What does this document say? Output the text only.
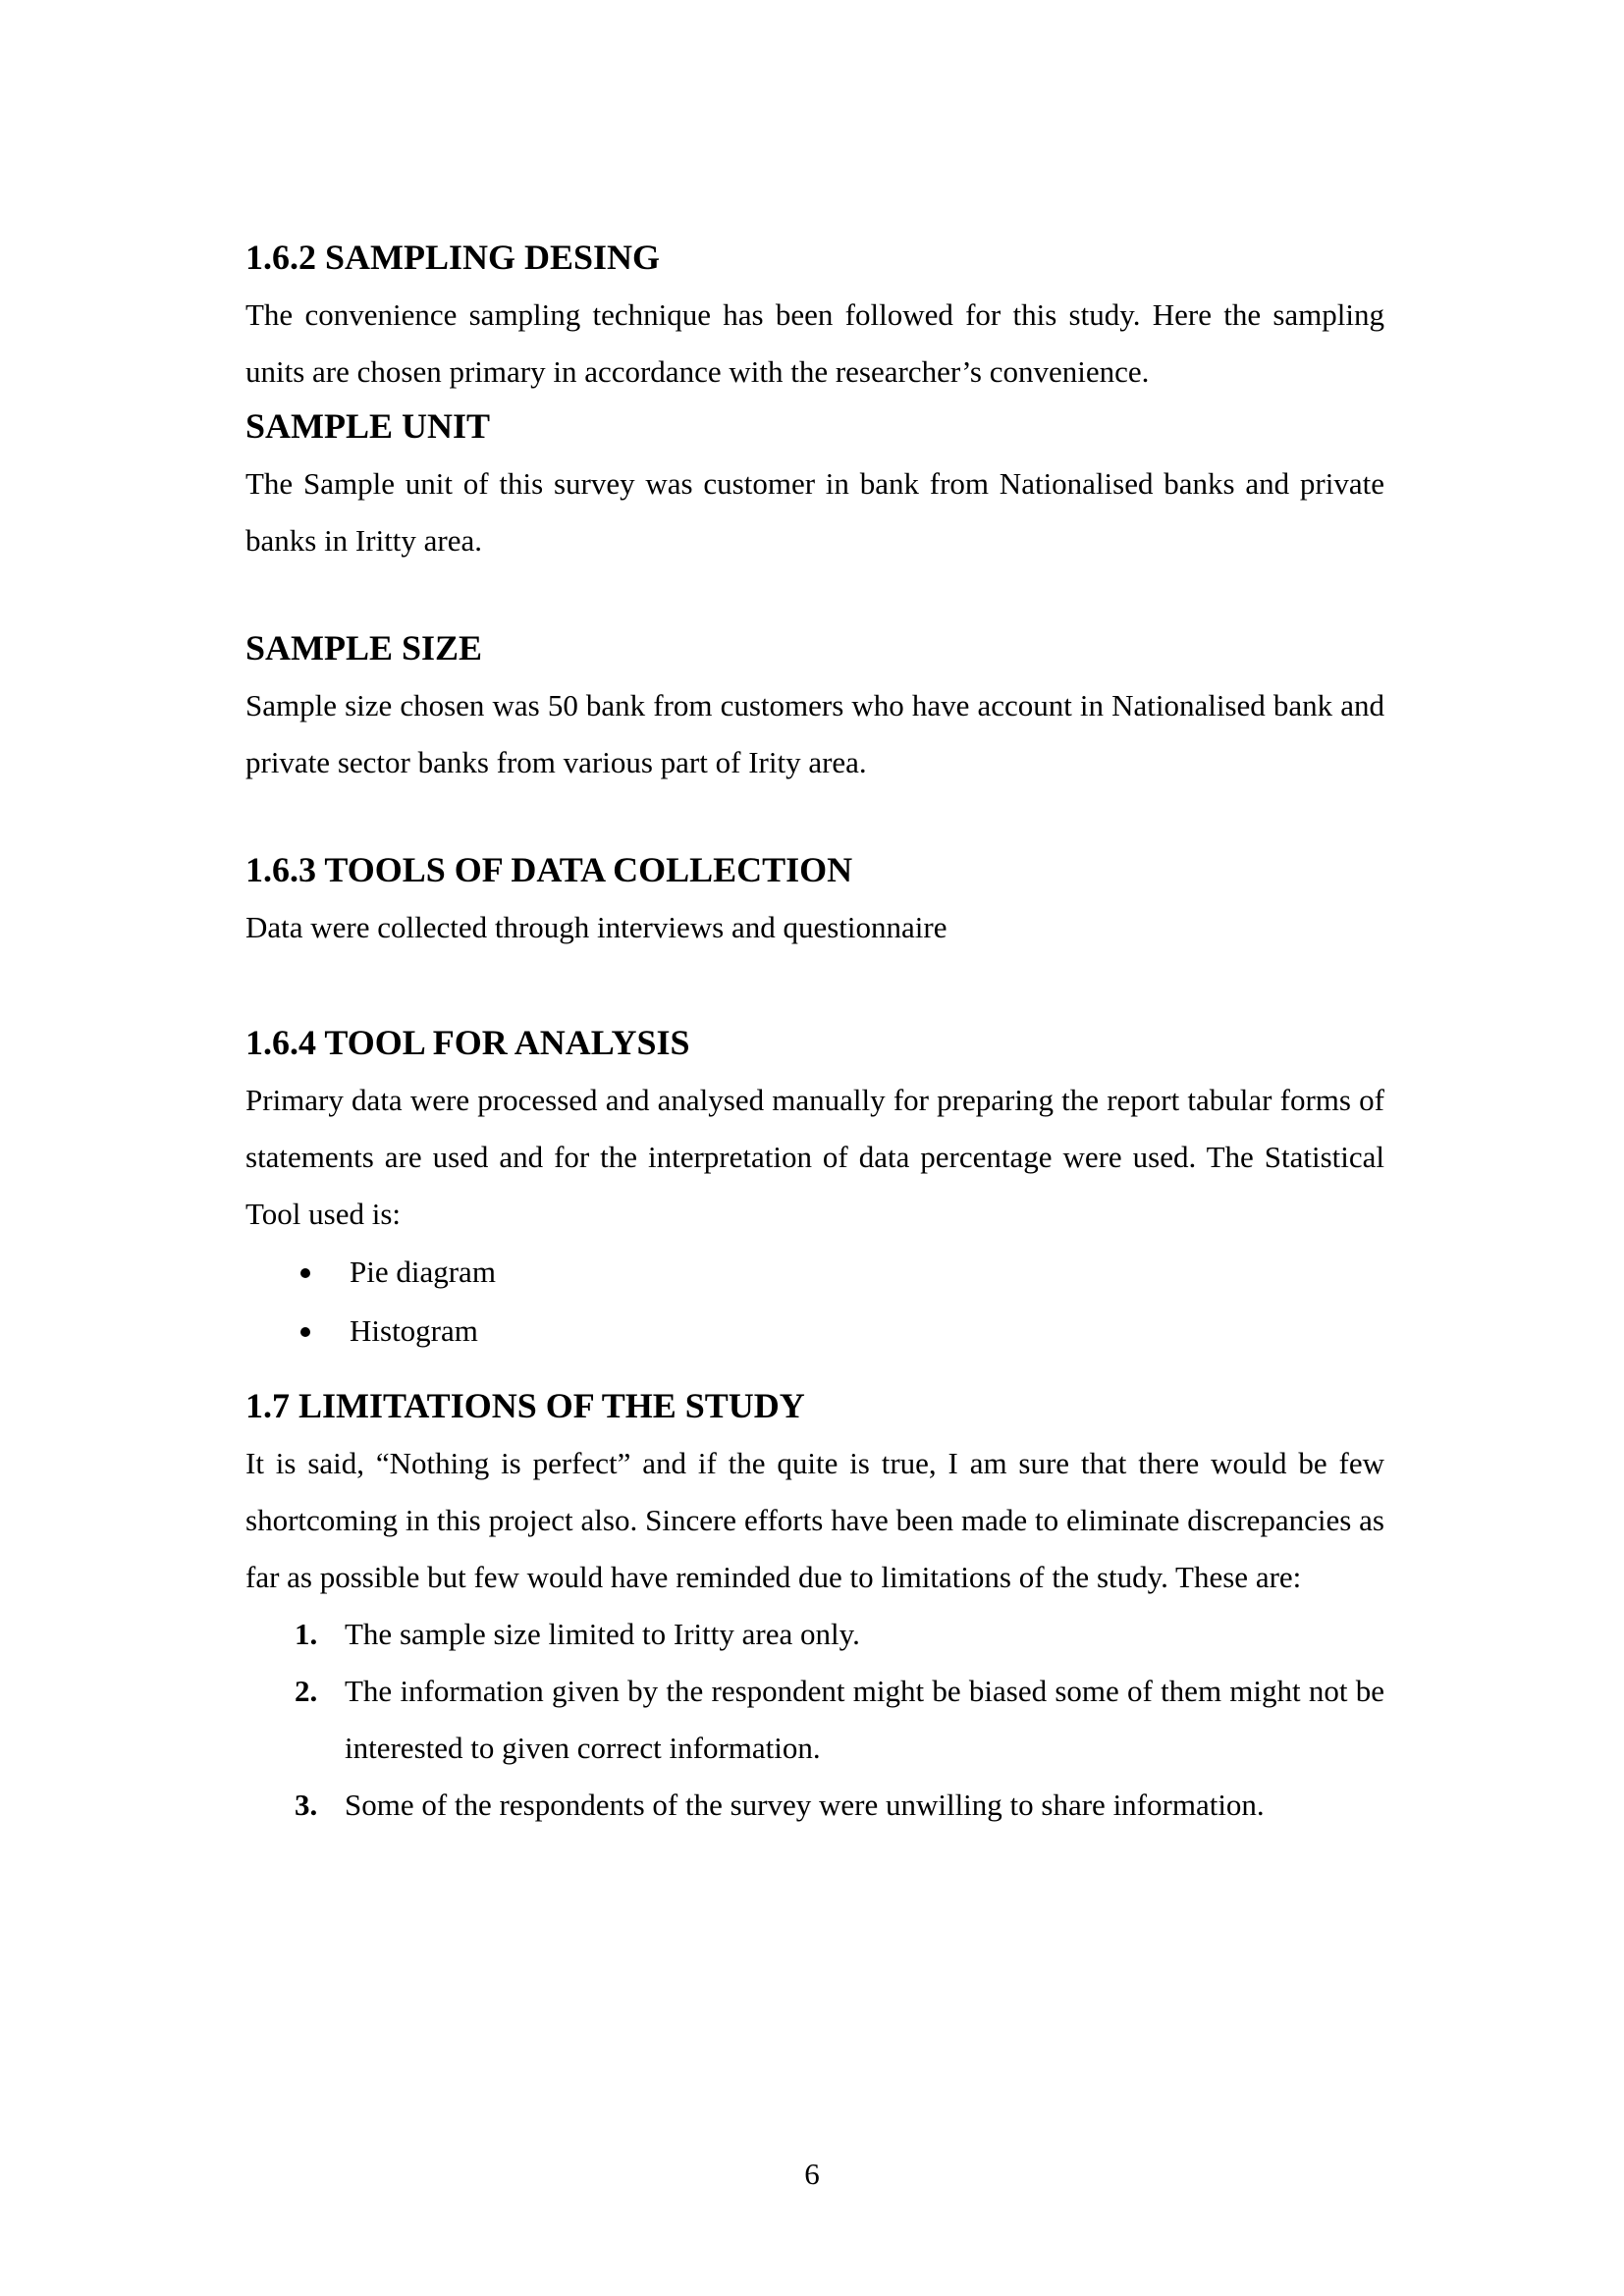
1.6.2 SAMPLING DESING

The convenience sampling technique has been followed for this study. Here the sampling units are chosen primary in accordance with the researcher’s convenience.

SAMPLE UNIT

The Sample unit of this survey was customer in bank from Nationalised banks and private banks in Iritty area.

SAMPLE SIZE

Sample size chosen was 50 bank from customers who have account in Nationalised bank and private sector banks from various part of Irity area.

1.6.3 TOOLS OF DATA COLLECTION

Data were collected through interviews and questionnaire

1.6.4 TOOL FOR ANALYSIS

Primary data were processed and analysed manually for preparing the report tabular forms of statements are used and for the interpretation of data percentage were used. The Statistical Tool used is:

Pie diagram
Histogram
1.7 LIMITATIONS OF THE STUDY

It is said, “Nothing is perfect” and if the quite is true, I am sure that there would be few shortcoming in this project also. Sincere efforts have been made to eliminate discrepancies as far as possible but few would have reminded due to limitations of the study. These are:

1. The sample size limited to Iritty area only.
2. The information given by the respondent might be biased some of them might not be interested to given correct information.
3. Some of the respondents of the survey were unwilling to share information.
6
